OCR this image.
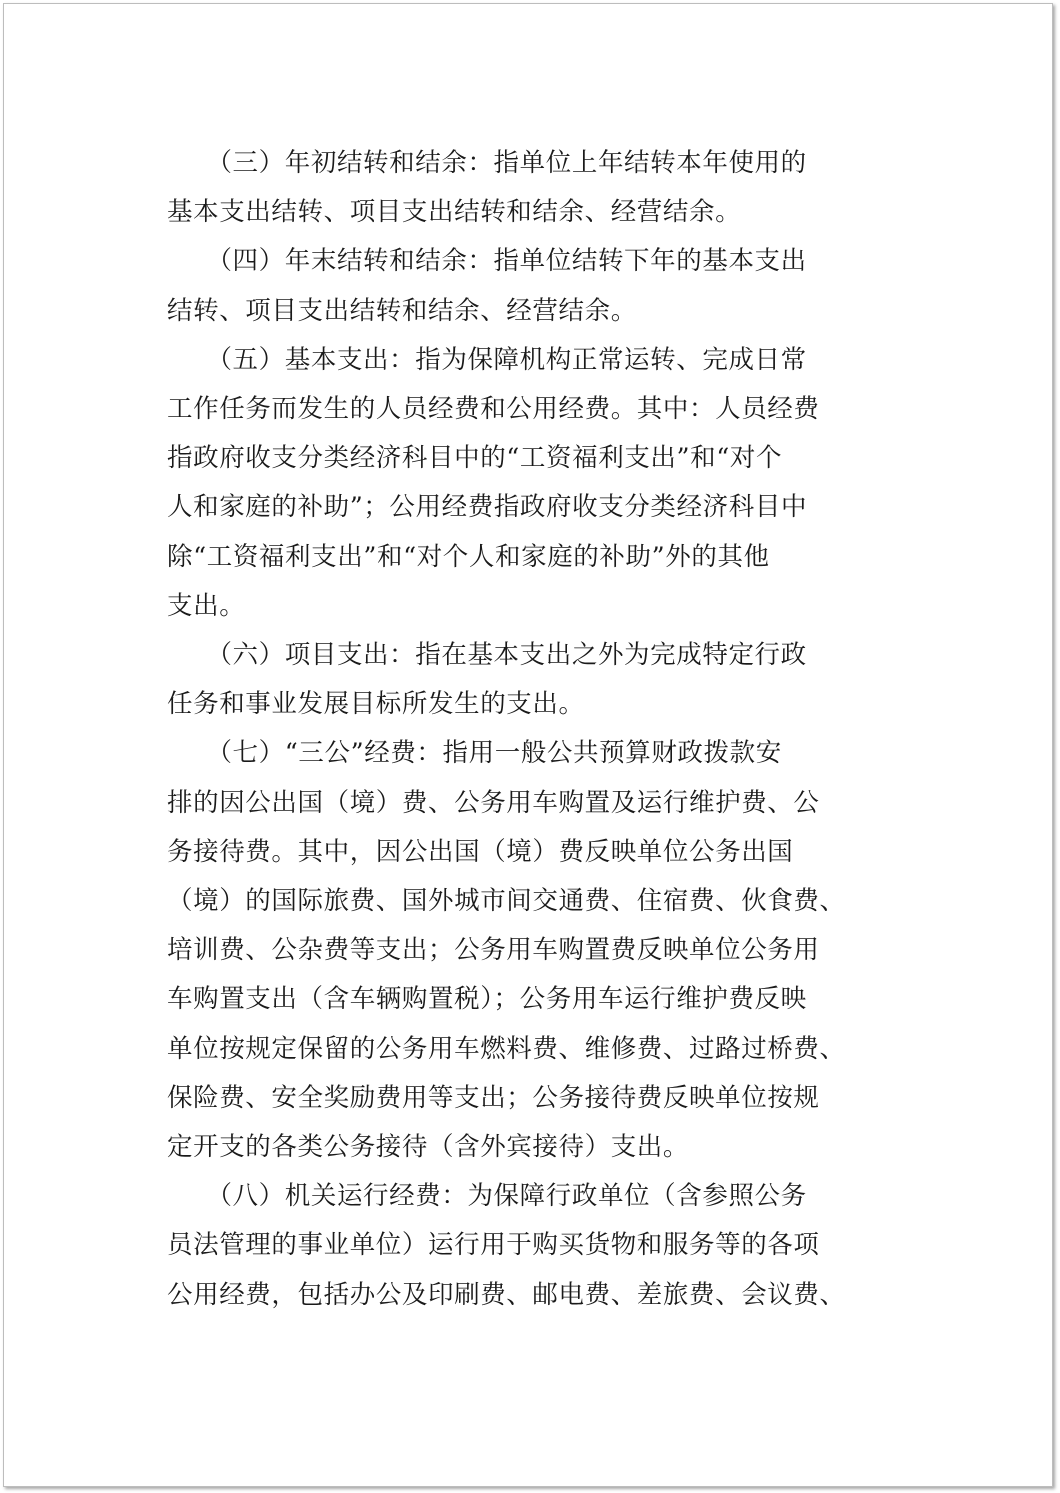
　　（三）年初结转和结余：指单位上年结转本年使用的
基本支出结转、项目支出结转和结余、经营结余。
　　（四）年末结转和结余：指单位结转下年的基本支出
结转、项目支出结转和结余、经营结余。
　　（五）基本支出：指为保障机构正常运转、完成日常
工作任务而发生的人员经费和公用经费。其中：人员经费
指政府收支分类经济科目中的“工资福利支出”和“对个
人和家庭的补助”；公用经费指政府收支分类经济科目中
除“工资福利支出”和“对个人和家庭的补助”外的其他
支出。
　　（六）项目支出：指在基本支出之外为完成特定行政
任务和事业发展目标所发生的支出。
　　（七）“三公”经费：指用一般公共预算财政拨款安
排的因公出国（境）费、公务用车购置及运行维护费、公
务接待费。其中，因公出国（境）费反映单位公务出国
（境）的国际旅费、国外城市间交通费、住宿费、伙食费、
培训费、公杂费等支出；公务用车购置费反映单位公务用
车购置支出（含车辆购置税）；公务用车运行维护费反映
单位按规定保留的公务用车燃料费、维修费、过路过桥费、
保险费、安全奖励费用等支出；公务接待费反映单位按规
定开支的各类公务接待（含外宾接待）支出。
　　（八）机关运行经费：为保障行政单位（含参照公务
员法管理的事业单位）运行用于购买货物和服务等的各项
公用经费，包括办公及印刷费、邮电费、差旅费、会议费、
